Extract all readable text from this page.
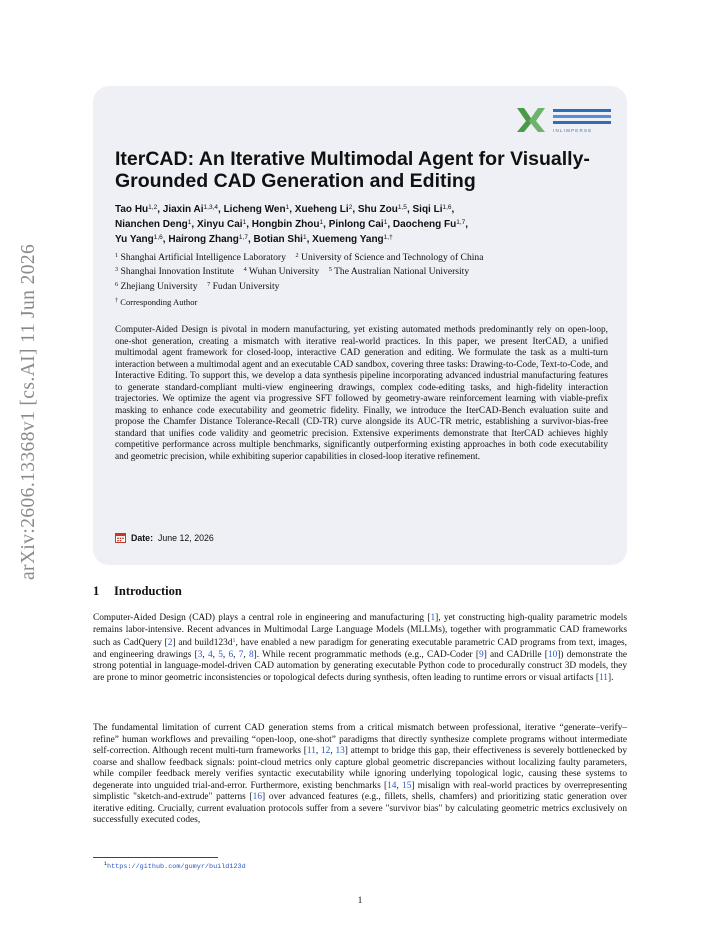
arXiv:2606.13368v1 [cs.AI] 11 Jun 2026
I N L I M P E R S E
IterCAD: An Iterative Multimodal Agent for Visually-Grounded CAD Generation and Editing
Tao Hu$^{1,2}$, Jiaxin Ai$^{1,3,4}$, Licheng Wen$^1$, Xueheng Li$^2$, Shu Zou$^{1,5}$, Siqi Li$^{1,6}$,
Nianchen Deng$^1$, Xinyu Cai$^1$, Hongbin Zhou$^1$, Pinlong Cai$^1$, Daocheng Fu$^{1,7}$,
Yu Yang$^{1,6}$, Hairong Zhang$^{1,7}$, Botian Shi$^1$, Xuemeng Yang$^{1,\dagger}$
$^1$ Shanghai Artificial Intelligence Laboratory  $^2$ University of Science and Technology of China
$^3$ Shanghai Innovation Institute  $^4$ Wuhan University  $^5$ The Australian National University
$^6$ Zhejiang University  $^7$ Fudan University
† Corresponding Author

Computer-Aided Design is pivotal in modern manufacturing, yet existing automated methods predominantly rely on open-loop, one-shot generation, creating a mismatch with iterative real-world practices. In this paper, we present IterCAD, a unified multimodal agent framework for closed-loop, interactive CAD generation and editing. We formulate the task as a multi-turn interaction between a multimodal agent and an executable CAD sandbox, covering three tasks: Drawing-to-Code, Text-to-Code, and Interactive Editing. To support this, we develop a data synthesis pipeline incorporating advanced industrial manufacturing features to generate standard-compliant multi-view engineering drawings, complex code-editing tasks, and high-fidelity interaction trajectories. We optimize the agent via progressive SFT followed by geometry-aware reinforcement learning with viable-prefix masking to enhance code executability and geometric fidelity. Finally, we introduce the IterCAD-Bench evaluation suite and propose the Chamfer Distance Tolerance-Recall (CD-TR) curve alongside its AUC-TR metric, establishing a survivor-bias-free standard that unifies code validity and geometric precision. Extensive experiments demonstrate that IterCAD achieves highly competitive performance across multiple benchmarks, significantly outperforming existing approaches in both code executability and geometric precision, while exhibiting superior capabilities in closed-loop iterative refinement.

Date: June 12, 2026
1 Introduction

Computer-Aided Design (CAD) plays a central role in engineering and manufacturing [1], yet constructing high-quality parametric models remains labor-intensive. Recent advances in Multimodal Large Language Models (MLLMs), together with programmatic CAD frameworks such as CadQuery [2] and build123d$^1$, have enabled a new paradigm for generating executable parametric CAD programs from text, images, and engineering drawings [3, 4, 5, 6, 7, 8]. While recent programmatic methods (e.g., CAD-Coder [9] and CADrille [10]) demonstrate the strong potential in language-model-driven CAD automation by generating executable Python code to procedurally construct 3D models, they are prone to minor geometric inconsistencies or topological defects during synthesis, often leading to runtime errors or visual artifacts [11].

The fundamental limitation of current CAD generation stems from a critical mismatch between professional, iterative “generate–verify–refine” human workflows and prevailing “open-loop, one-shot” paradigms that directly synthesize complete programs without intermediate self-correction. Although recent multi-turn frameworks [11, 12, 13] attempt to bridge this gap, their effectiveness is severely bottlenecked by coarse and shallow feedback signals: point-cloud metrics only capture global geometric discrepancies without localizing faulty parameters, while compiler feedback merely verifies syntactic executability while ignoring underlying topological logic, causing these systems to degenerate into unguided trial-and-error. Furthermore, existing benchmarks [14, 15] misalign with real-world practices by overrepresenting simplistic "sketch-and-extrude" patterns [16] over advanced features (e.g., fillets, shells, chamfers) and prioritizing static generation over iterative editing. Crucially, current evaluation protocols suffer from a severe "survivor bias" by calculating geometric metrics exclusively on successfully executed codes,

$^1$https://github.com/gumyr/build123d
1
